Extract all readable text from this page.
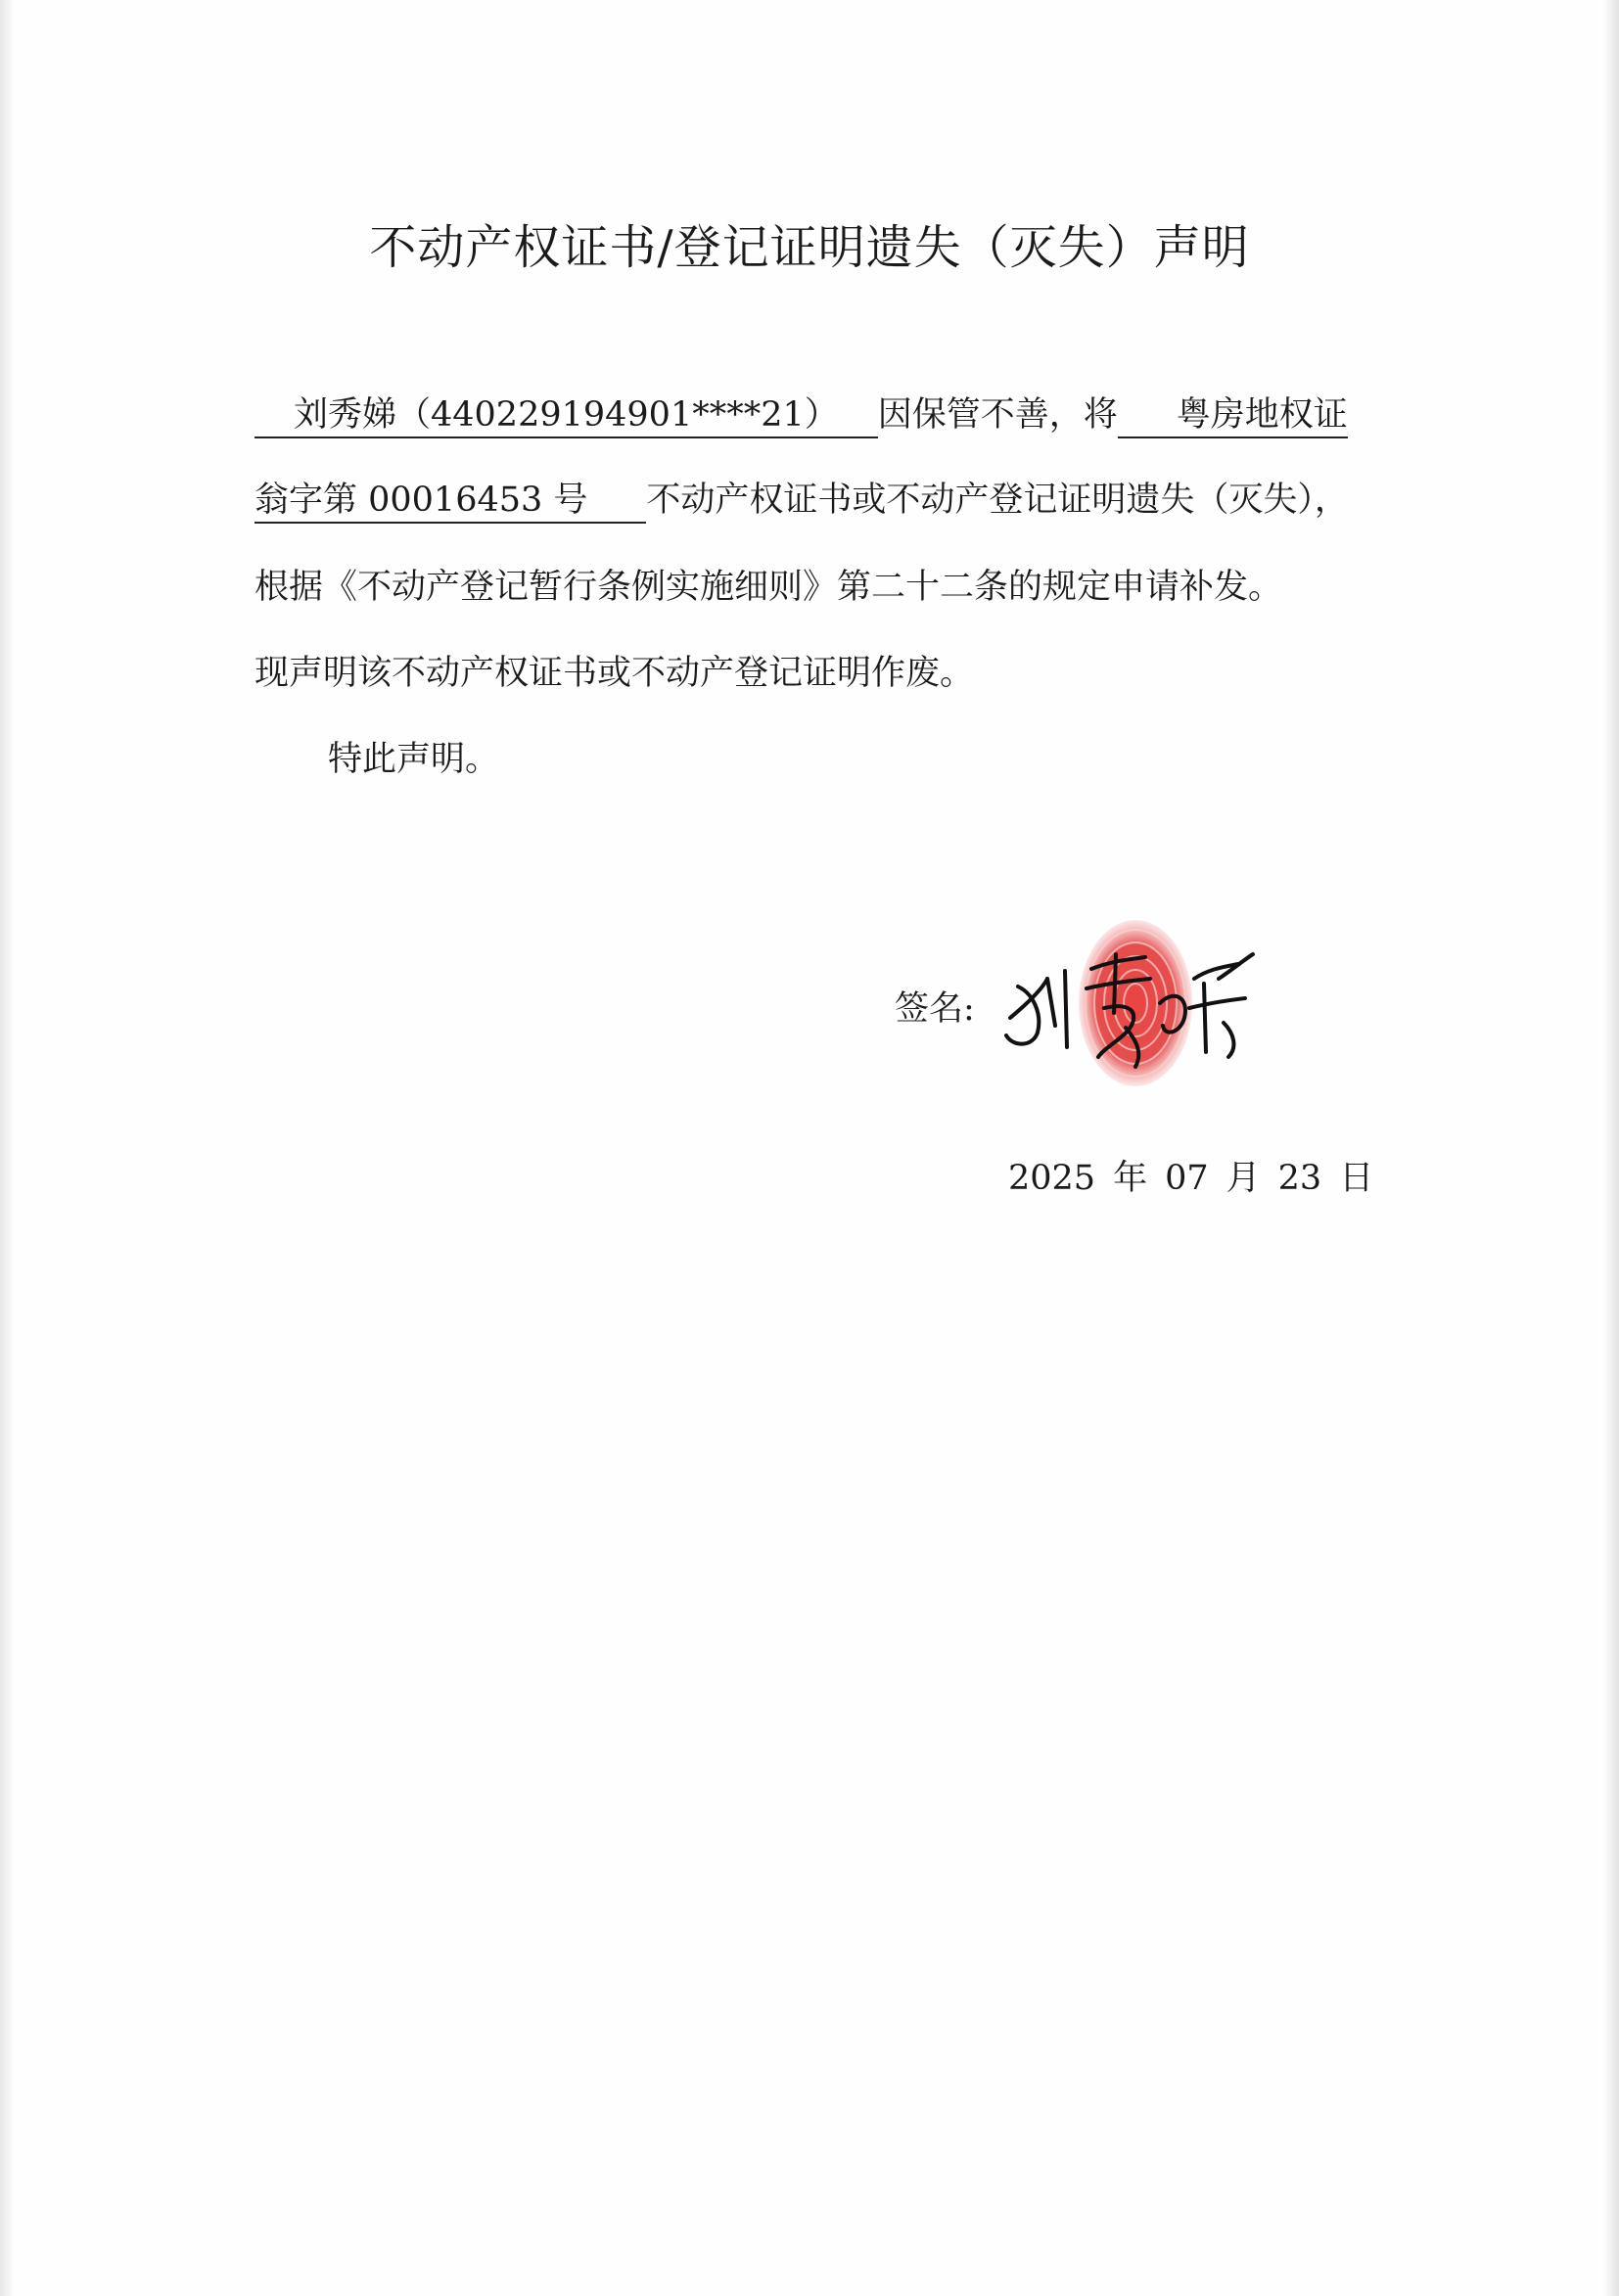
不动产权证书/登记证明遗失（灭失）声明
刘秀娣（440229194901****21） 因保管不善，将 粤房地权证
翁字第 00016453 号 不动产权证书或不动产登记证明遗失（灭失），
根据《不动产登记暂行条例实施细则》第二十二条的规定申请补发。
现声明该不动产权证书或不动产登记证明作废。
特此声明。
签名:
2025 年 07 月 23 日
